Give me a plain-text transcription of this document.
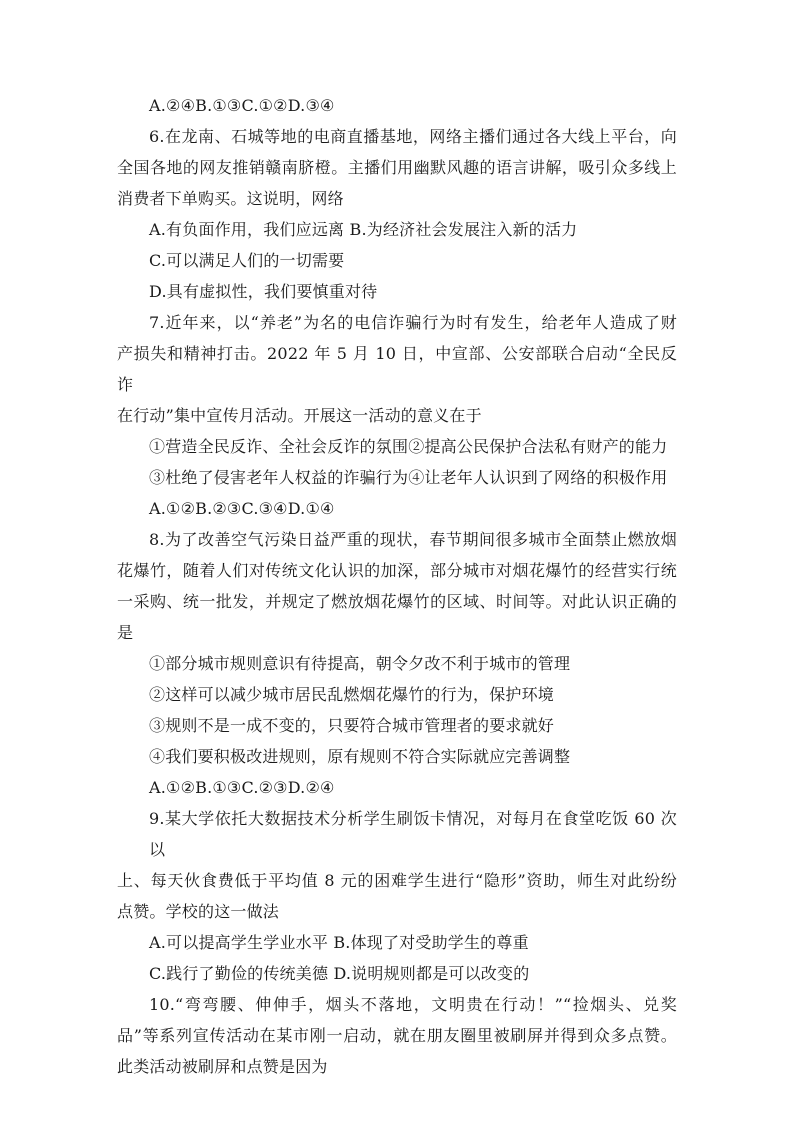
A.②④B.①③C.①②D.③④

6.在龙南、石城等地的电商直播基地，网络主播们通过各大线上平台，向

全国各地的网友推销赣南脐橙。主播们用幽默风趣的语言讲解，吸引众多线上

消费者下单购买。这说明，网络

A.有负面作用，我们应远离 B.为经济社会发展注入新的活力

C.可以满足人们的一切需要

D.具有虚拟性，我们要慎重对待

7.近年来，以“养老”为名的电信诈骗行为时有发生，给老年人造成了财

产损失和精神打击。2022 年 5 月 10 日，中宣部、公安部联合启动“全民反诈

在行动”集中宣传月活动。开展这一活动的意义在于

①营造全民反诈、全社会反诈的氛围②提高公民保护合法私有财产的能力

③杜绝了侵害老年人权益的诈骗行为④让老年人认识到了网络的积极作用

A.①②B.②③C.③④D.①④

8.为了改善空气污染日益严重的现状，春节期间很多城市全面禁止燃放烟

花爆竹，随着人们对传统文化认识的加深，部分城市对烟花爆竹的经营实行统

一采购、统一批发，并规定了燃放烟花爆竹的区域、时间等。对此认识正确的

是

①部分城市规则意识有待提高，朝令夕改不利于城市的管理

②这样可以减少城市居民乱燃烟花爆竹的行为，保护环境

③规则不是一成不变的，只要符合城市管理者的要求就好

④我们要积极改进规则，原有规则不符合实际就应完善调整

A.①②B.①③C.②③D.②④

9.某大学依托大数据技术分析学生刷饭卡情况，对每月在食堂吃饭 60 次以

上、每天伙食费低于平均值 8 元的困难学生进行“隐形”资助，师生对此纷纷

点赞。学校的这一做法

A.可以提高学生学业水平 B.体现了对受助学生的尊重

C.践行了勤俭的传统美德 D.说明规则都是可以改变的

10.“弯弯腰、伸伸手，烟头不落地，文明贵在行动！”“捡烟头、兑奖

品”等系列宣传活动在某市刚一启动，就在朋友圈里被刷屏并得到众多点赞。

此类活动被刷屏和点赞是因为
